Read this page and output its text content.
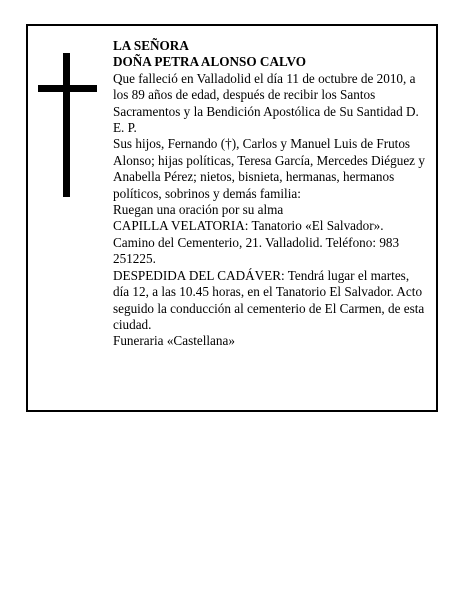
LA SEÑORA

DOÑA PETRA ALONSO CALVO

Que falleció en Valladolid el día 11 de octubre de 2010, a los 89 años de edad, después de recibir los Santos Sacramentos y la Bendición Apostólica de Su Santidad D. E. P.

Sus hijos, Fernando (†), Carlos y Manuel Luis de Frutos Alonso; hijas políticas, Teresa García, Mercedes Diéguez y Anabella Pérez; nietos, bisnieta, hermanas, hermanos políticos, sobrinos y demás familia:

Ruegan una oración por su alma

CAPILLA VELATORIA: Tanatorio «El Salvador». Camino del Cementerio, 21. Valladolid. Teléfono: 983 251225.

DESPEDIDA DEL CADÁVER: Tendrá lugar el martes, día 12, a las 10.45 horas, en el Tanatorio El Salvador. Acto seguido la conducción al cementerio de El Carmen, de esta ciudad.

Funeraria «Castellana»
